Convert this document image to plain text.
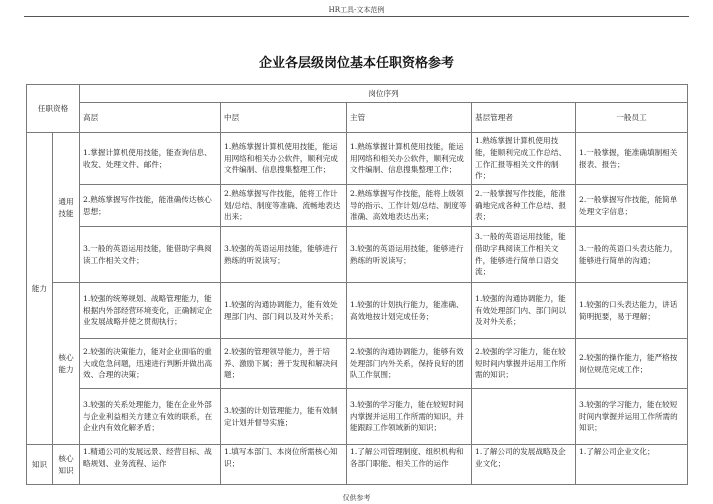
HR工具-文本范例
企业各层级岗位基本任职资格参考
任职资格		岗位序列				
		高层	中层	主管	基层管理者	一般员工
能力	通用技能	1.掌握计算机使用技能，能查询信息、收发、处理文件、邮件；	1.熟练掌握计算机使用技能，能运用网络和相关办公软件，顺利完成文件编制、信息搜集整理工作；	1.熟练掌握计算机使用技能，能运用网络和相关办公软件，顺利完成文件编制、信息搜集整理工作；	1.熟练掌握计算机使用技能，能顺利完成工作总结、工作汇报等相关文件的制作；	1.一般掌握，能准确填制相关报表、报告；
		2.熟练掌握写作技能，能准确传达核心思想；	2.熟练掌握写作技能，能将工作计划/总结、制度等准确、流畅地表达出来；	2.熟练掌握写作技能，能将上级领导的指示、工作计划/总结、制度等准确、高效地表达出来；	2.一般掌握写作技能，能准确地完成各种工作总结、报表；	2.一般掌握写作技能，能简单处理文字信息；
		3.一般的英语运用技能，能借助字典阅读工作相关文件；	3.较强的英语运用技能，能够进行熟练的听说读写；	3.较强的英语运用技能，能够进行熟练的听说读写；	3.一般的英语运用技能，能借助字典阅读工作相关文件，能够进行简单口语交流；	3.一般的英语口头表达能力，能够进行简单的沟通；
	核心能力	1.较强的统筹规划、战略管理能力，能根据内外部经营环境变化，正确制定企业发展战略并使之贯彻执行；	1.较强的沟通协调能力，能有效处理部门内、部门间以及对外关系；	1.较强的计划执行能力，能准确、高效地按计划完成任务；	1.较强的沟通协调能力，能有效处理部门内、部门间以及对外关系；	1.较强的口头表达能力，讲话简明扼要，易于理解；
		2.较强的决策能力，能对企业面临的重大或危急问题，迅速进行判断并做出高效、合理的决策；	2.较强的管理领导能力，善于培养、激励下属；善于发现和解决问题；	2.较强的沟通协调能力，能够有效处理部门内外关系，保持良好的团队工作氛围；	2.较强的学习能力，能在较短时间内掌握并运用工作所需的知识；	2.较强的操作能力，能严格按岗位规范完成工作；
		3.较强的关系处理能力，能在企业外部与企业利益相关方建立有效的联系，在企业内有效化解矛盾；	3.较强的计划管理能力，能有效制定计划并督导实施；	3.较强的学习能力，能在较短时间内掌握并运用工作所需的知识，并能跟踪工作领域新的知识；		3.较强的学习能力，能在较短时间内掌握并运用工作所需的知识；
知识	核心知识	1.精通公司的发展远景、经营目标、战略规划、业务流程、运作	1.填写本部门、本岗位所需核心知识；	1.了解公司管理制度、组织机构和各部门职能、相关工作的运作	1.了解公司的发展战略及企业文化；	1.了解公司企业文化；
仅供参考
